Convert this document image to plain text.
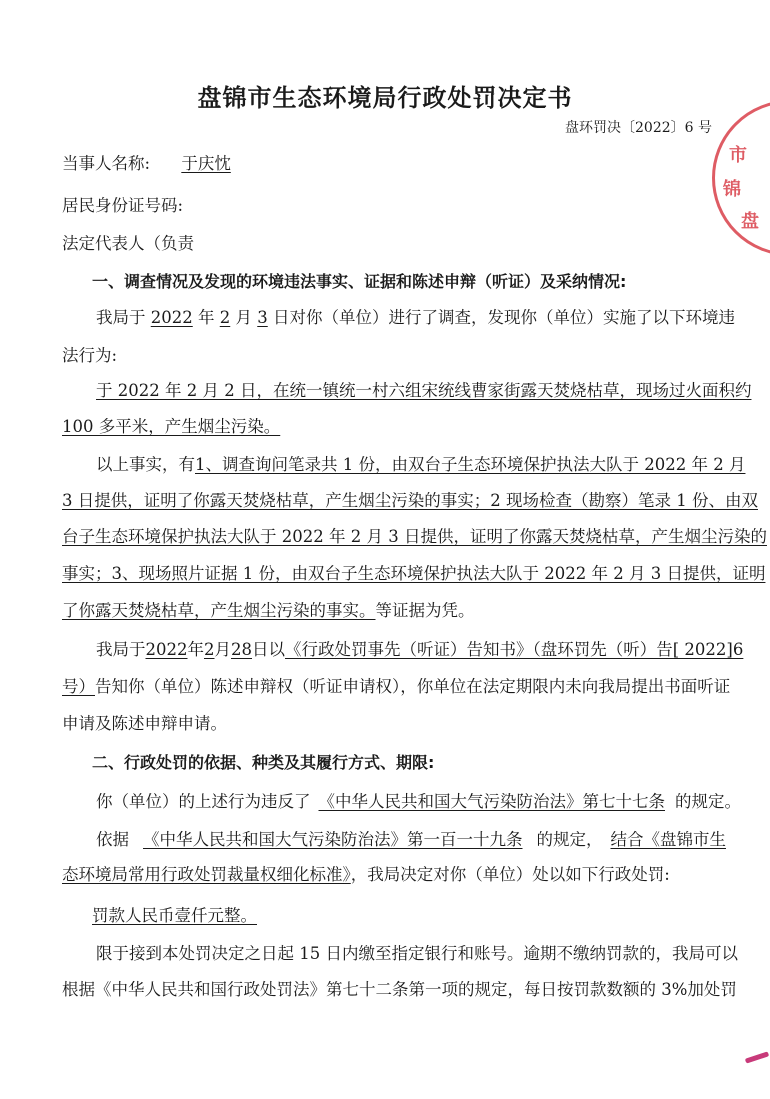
市
锦
盘
盘锦市生态环境局行政处罚决定书
盘环罚决〔2022〕6 号
当事人名称: 于庆忱
居民身份证号码:
法定代表人（负责
一、调查情况及发现的环境违法事实、证据和陈述申辩（听证）及采纳情况:
我局于 2022 年 2 月 3 日对你（单位）进行了调查，发现你（单位）实施了以下环境违
法行为:
于 2022 年 2 月 2 日，在统一镇统一村六组宋统线曹家街露天焚烧枯草，现场过火面积约
100 多平米，产生烟尘污染。
以上事实，有1、调查询问笔录共 1 份，由双台子生态环境保护执法大队于 2022 年 2 月
3 日提供，证明了你露天焚烧枯草，产生烟尘污染的事实；2 现场检查（勘察）笔录 1 份、由双
台子生态环境保护执法大队于 2022 年 2 月 3 日提供，证明了你露天焚烧枯草，产生烟尘污染的
事实；3、现场照片证据 1 份，由双台子生态环境保护执法大队于 2022 年 2 月 3 日提供，证明
了你露天焚烧枯草，产生烟尘污染的事实。等证据为凭。
我局于2022年2月28日以《行政处罚事先（听证）告知书》（盘环罚先（听）告[ 2022]6
号）告知你（单位）陈述申辩权（听证申请权），你单位在法定期限内未向我局提出书面听证
申请及陈述申辩申请。
二、行政处罚的依据、种类及其履行方式、期限:
你（单位）的上述行为违反了 《中华人民共和国大气污染防治法》第七十七条 的规定。
依据 《中华人民共和国大气污染防治法》第一百一十九条 的规定， 结合《盘锦市生
态环境局常用行政处罚裁量权细化标准》，我局决定对你（单位）处以如下行政处罚:
罚款人民币壹仟元整。
限于接到本处罚决定之日起 15 日内缴至指定银行和账号。逾期不缴纳罚款的，我局可以
根据《中华人民共和国行政处罚法》第七十二条第一项的规定，每日按罚款数额的 3%加处罚
